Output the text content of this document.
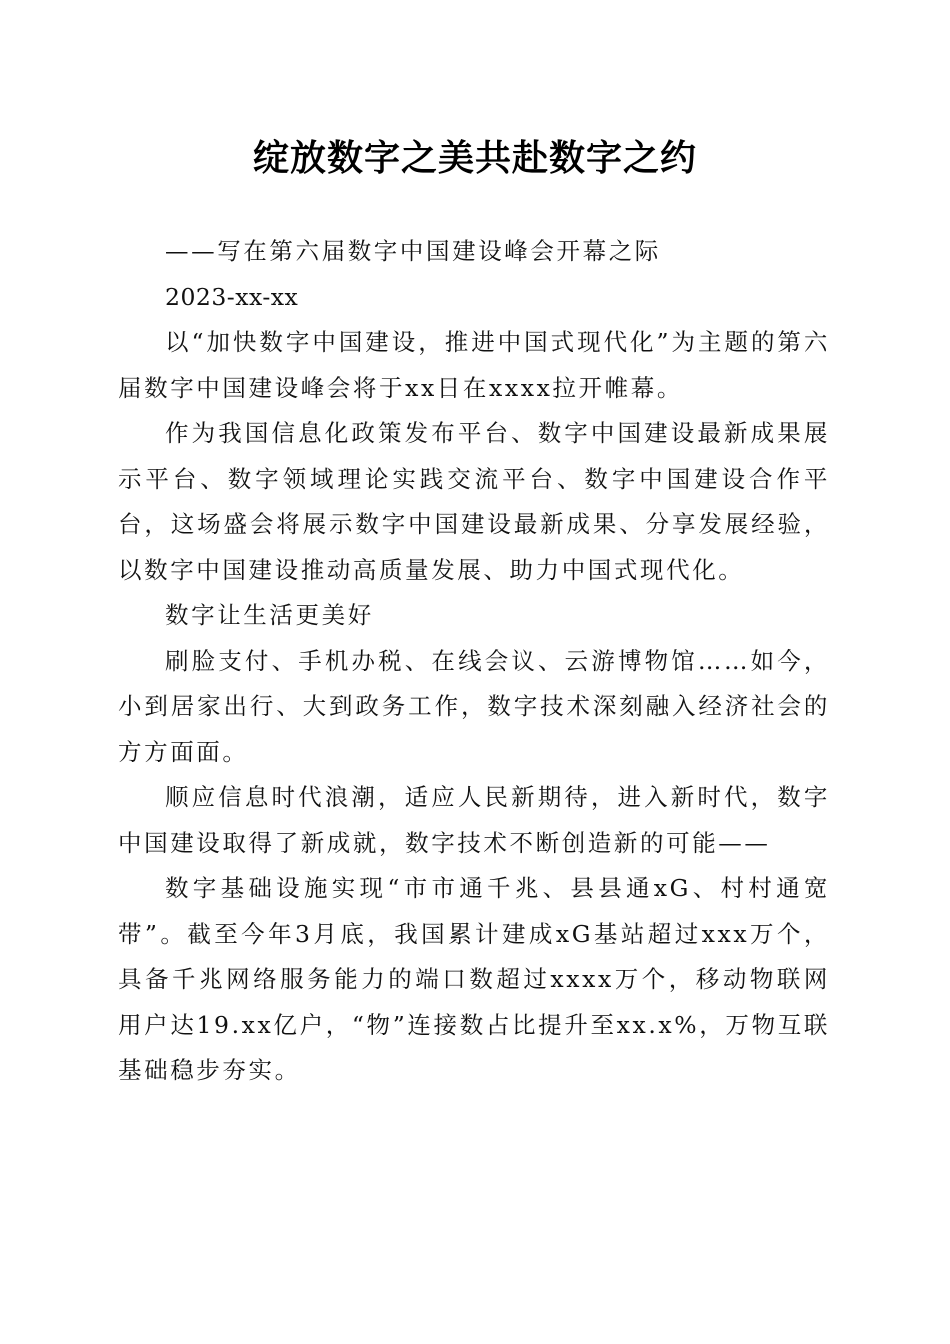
绽放数字之美共赴数字之约

——写在第六届数字中国建设峰会开幕之际

2023-xx-xx

以“加快数字中国建设，推进中国式现代化”为主题的第六届数字中国建设峰会将于xx日在xxxx拉开帷幕。

作为我国信息化政策发布平台、数字中国建设最新成果展示平台、数字领域理论实践交流平台、数字中国建设合作平台，这场盛会将展示数字中国建设最新成果、分享发展经验，以数字中国建设推动高质量发展、助力中国式现代化。

数字让生活更美好

刷脸支付、手机办税、在线会议、云游博物馆……如今，小到居家出行、大到政务工作，数字技术深刻融入经济社会的方方面面。

顺应信息时代浪潮，适应人民新期待，进入新时代，数字中国建设取得了新成就，数字技术不断创造新的可能——

数字基础设施实现“市市通千兆、县县通xG、村村通宽带”。截至今年3月底，我国累计建成xG基站超过xxx万个，具备千兆网络服务能力的端口数超过xxxx万个，移动物联网用户达19.xx亿户，“物”连接数占比提升至xx.x%，万物互联基础稳步夯实。
